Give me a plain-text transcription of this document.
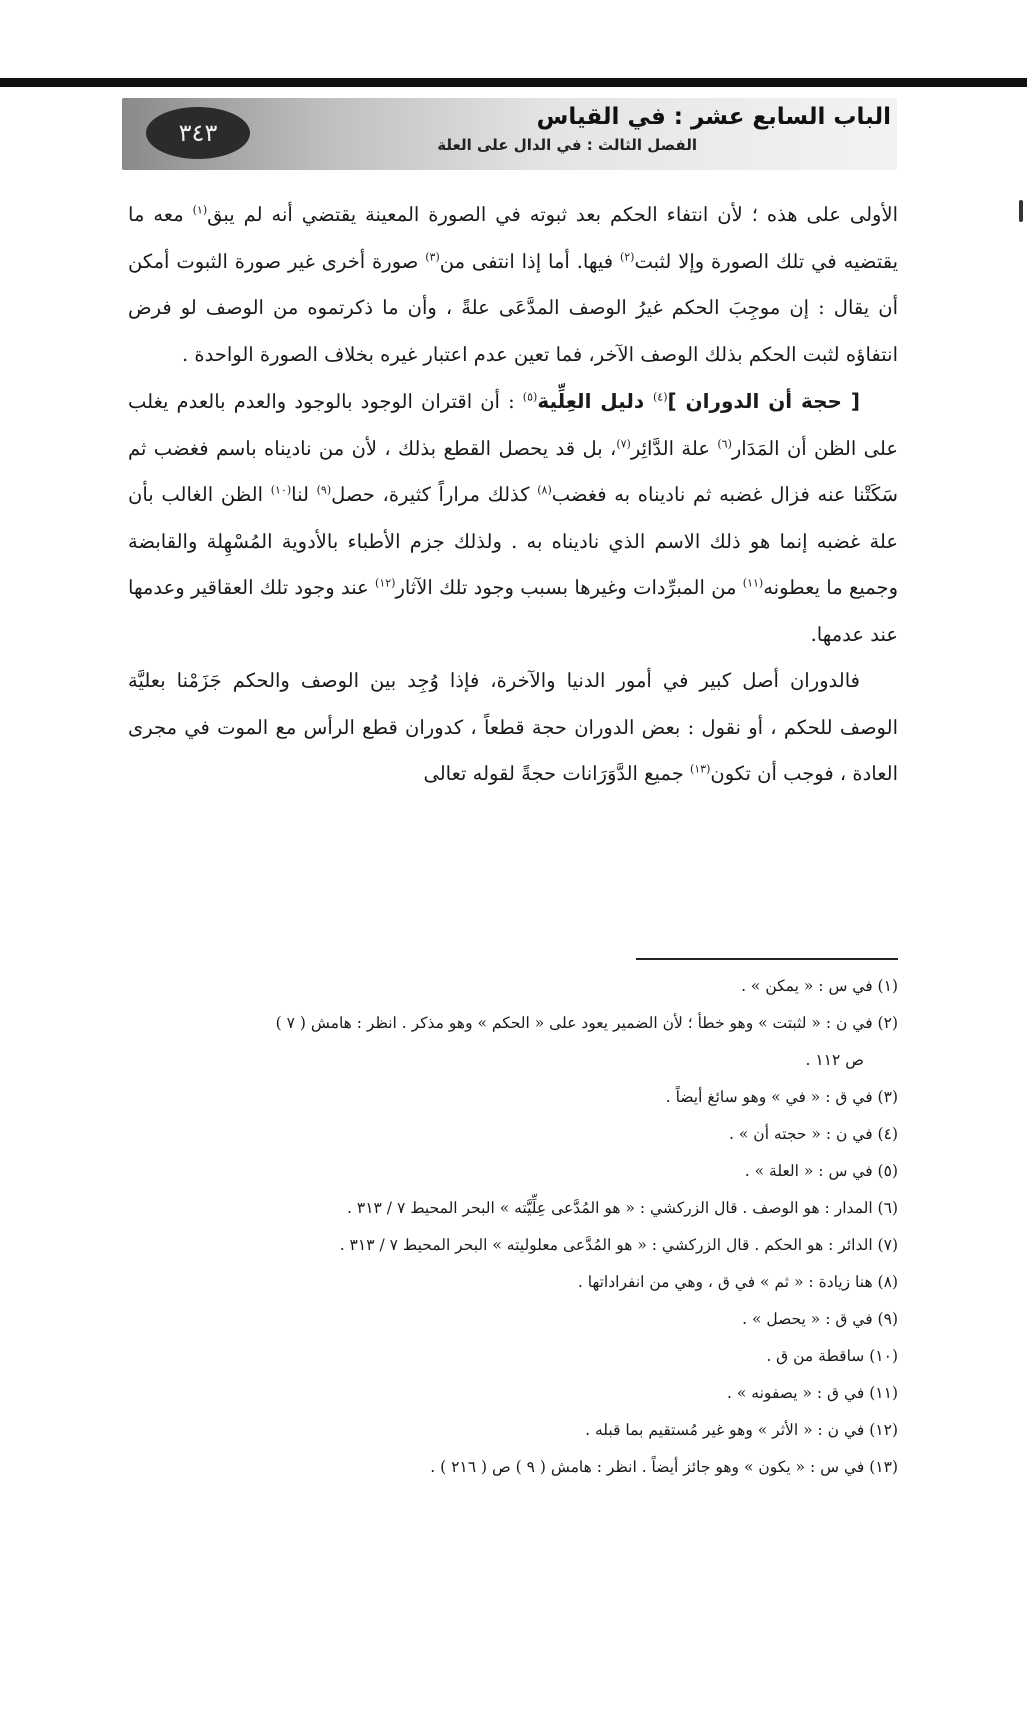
٣٤٣
الباب السابع عشر : في القياس
الفصل الثالث : في الدال على العلة

الأولى على هذه ؛ لأن انتفاء الحكم بعد ثبوته في الصورة المعينة يقتضي أنه لم يبق$^{(١)}$ معه ما يقتضيه في تلك الصورة وإلا لثبت$^{(٢)}$ فيها. أما إذا انتفى من$^{(٣)}$ صورة أخرى غير صورة الثبوت أمكن أن يقال : إن موجِبَ الحكم غيرُ الوصف المدَّعَى علةً ، وأن ما ذكرتموه من الوصف لو فرض انتفاؤه لثبت الحكم بذلك الوصف الآخر، فما تعين عدم اعتبار غيره بخلاف الصورة الواحدة .

[ حجة أن الدوران ]$^{(٤)}$ دليل العِلِّية$^{(٥)}$ : أن اقتران الوجود بالوجود والعدم بالعدم يغلب على الظن أن المَدَار$^{(٦)}$ علة الدَّائِر$^{(٧)}$، بل قد يحصل القطع بذلك ، لأن من ناديناه باسم فغضب ثم سَكَتْنا عنه فزال غضبه ثم ناديناه به فغضب$^{(٨)}$ كذلك مراراً كثيرة، حصل$^{(٩)}$ لنا$^{(١٠)}$ الظن الغالب بأن علة غضبه إنما هو ذلك الاسم الذي ناديناه به . ولذلك جزم الأطباء بالأدوية المُسْهِلة والقابضة وجميع ما يعطونه$^{(١١)}$ من المبرِّدات وغيرها بسبب وجود تلك الآثار$^{(١٢)}$ عند وجود تلك العقاقير وعدمها عند عدمها.

فالدوران أصل كبير في أمور الدنيا والآخرة، فإذا وُجِد بين الوصف والحكم جَزَمْنا بعليَّة الوصف للحكم ، أو نقول : بعض الدوران حجة قطعاً ، كدوران قطع الرأس مع الموت في مجرى العادة ، فوجب أن تكون$^{(١٣)}$ جميع الدَّوَرَانات حجةً لقوله تعالى

(١) في س : « يمكن » .

(٢) في ن : « لثبتت » وهو خطأ ؛ لأن الضمير يعود على « الحكم » وهو مذكر . انظر : هامش ( ٧ )

ص ١١٢ .

(٣) في ق : « في » وهو سائغ أيضاً .

(٤) في ن : « حجته أن » .

(٥) في س : « العلة » .

(٦) المدار : هو الوصف . قال الزركشي : « هو المُدَّعى عِلِّيَّته » البحر المحيط ٧ / ٣١٣ .

(٧) الدائر : هو الحكم . قال الزركشي : « هو المُدَّعى معلوليته » البحر المحيط ٧ / ٣١٣ .

(٨) هنا زيادة : « ثم » في ق ، وهي من انفراداتها .

(٩) في ق : « يحصل » .

(١٠) ساقطة من ق .

(١١) في ق : « يصفونه » .

(١٢) في ن : « الأثر » وهو غير مُستقيم بما قبله .

(١٣) في س : « يكون » وهو جائز أيضاً . انظر : هامش ( ٩ ) ص ( ٢١٦ ) .
